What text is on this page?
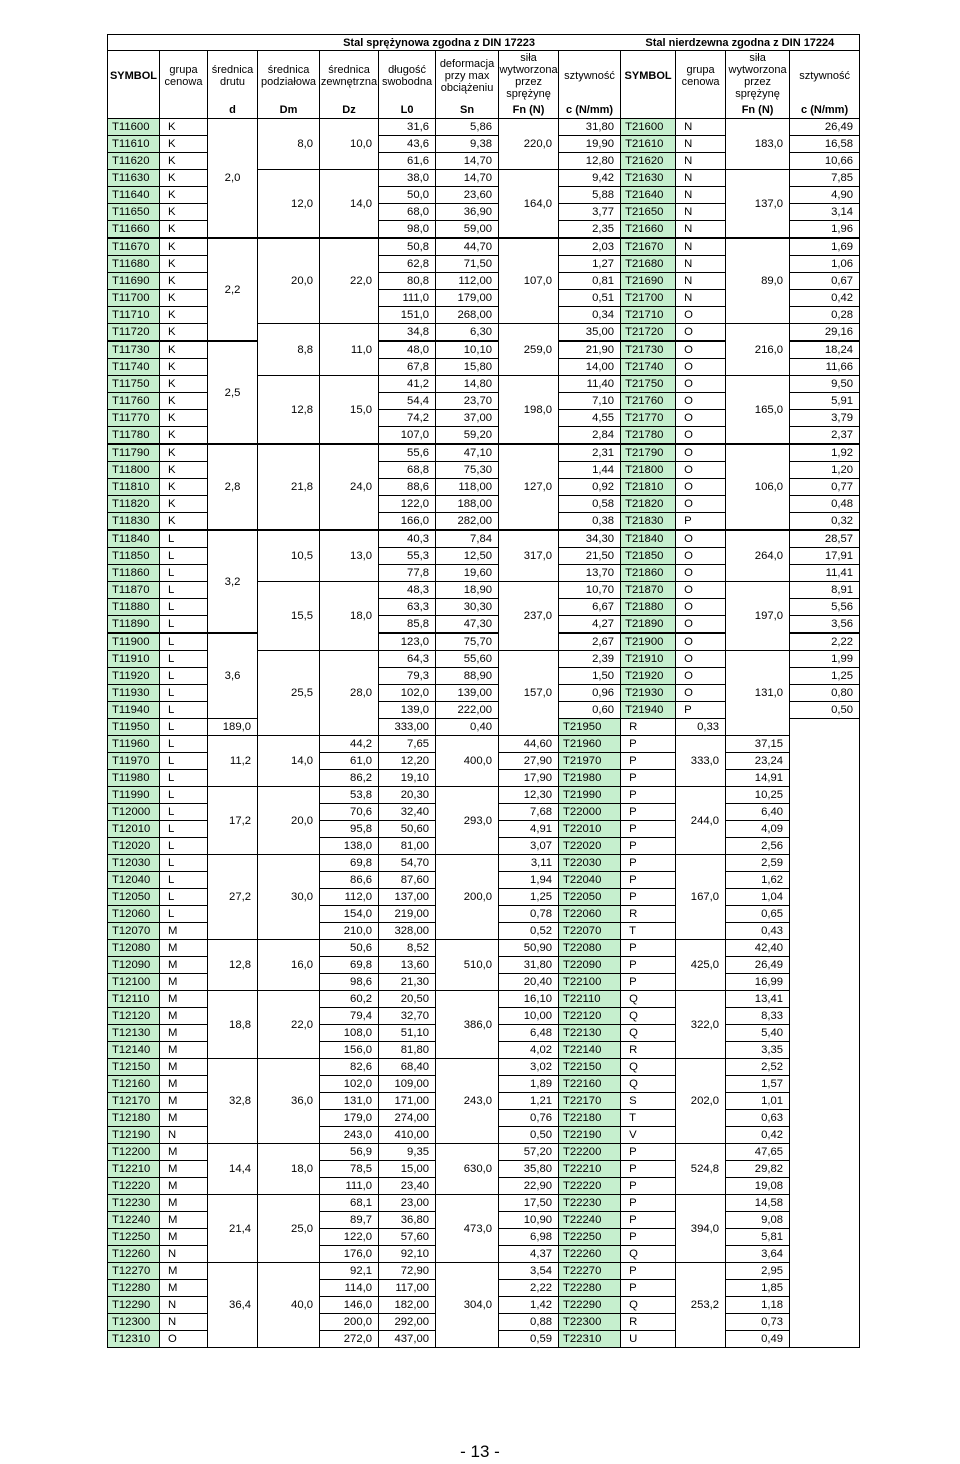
			Stal sprężynowa zgodna z DIN 17223						Stal nierdzewna zgodna z DIN 17224			
SYMBOL	grupa cenowa	średnica drutu	średnica podziałowa	średnica zewnętrzna	długość swobodna	deformacja przy max obciążeniu	siła wytworzona przez sprężynę	sztywność	SYMBOL	grupa cenowa	siła wytworzona przez sprężynę	sztywność
		d	Dm	Dz	L0	Sn	Fn (N)	c (N/mm)			Fn (N)	c (N/mm)
T11600	K	2,0	8,0	10,0	31,6	5,86	220,0	31,80	T21600	N	183,0	26,49
T11610	K				43,6	9,38		19,90	T21610	N		16,58
T11620	K				61,6	14,70		12,80	T21620	N		10,66
T11630	K		12,0	14,0	38,0	14,70	164,0	9,42	T21630	N	137,0	7,85
T11640	K				50,0	23,60		5,88	T21640	N		4,90
T11650	K				68,0	36,90		3,77	T21650	N		3,14
T11660	K				98,0	59,00		2,35	T21660	N		1,96
T11670	K	2,2	20,0	22,0	50,8	44,70	107,0	2,03	T21670	N	89,0	1,69
T11680	K				62,8	71,50		1,27	T21680	N		1,06
T11690	K				80,8	112,00		0,81	T21690	N		0,67
T11700	K				111,0	179,00		0,51	T21700	N		0,42
T11710	K				151,0	268,00		0,34	T21710	O		0,28
T11720	K		8,8	11,0	34,8	6,30	259,0	35,00	T21720	O	216,0	29,16
T11730	K	2,5			48,0	10,10		21,90	T21730	O		18,24
T11740	K				67,8	15,80		14,00	T21740	O		11,66
T11750	K		12,8	15,0	41,2	14,80	198,0	11,40	T21750	O	165,0	9,50
T11760	K				54,4	23,70		7,10	T21760	O		5,91
T11770	K				74,2	37,00		4,55	T21770	O		3,79
T11780	K				107,0	59,20		2,84	T21780	O		2,37
T11790	K	2,8	21,8	24,0	55,6	47,10	127,0	2,31	T21790	O	106,0	1,92
T11800	K				68,8	75,30		1,44	T21800	O		1,20
T11810	K				88,6	118,00		0,92	T21810	O		0,77
T11820	K				122,0	188,00		0,58	T21820	O		0,48
T11830	K				166,0	282,00		0,38	T21830	P		0,32
T11840	L	3,2	10,5	13,0	40,3	7,84	317,0	34,30	T21840	O	264,0	28,57
T11850	L				55,3	12,50		21,50	T21850	O		17,91
T11860	L				77,8	19,60		13,70	T21860	O		11,41
T11870	L		15,5	18,0	48,3	18,90	237,0	10,70	T21870	O	197,0	8,91
T11880	L				63,3	30,30		6,67	T21880	O		5,56
T11890	L				85,8	47,30		4,27	T21890	O		3,56
T11900	L	3,6			123,0	75,70		2,67	T21900	O		2,22
T11910	L		25,5	28,0	64,3	55,60	157,0	2,39	T21910	O	131,0	1,99
T11920	L				79,3	88,90		1,50	T21920	O		1,25
T11930	L				102,0	139,00		0,96	T21930	O		0,80
T11940	L				139,0	222,00		0,60	T21940	P		0,50
T11950	L	189,0			333,00	0,40		T21950	R	0,33		
T11960	L	11,2	14,0	44,2	7,65	400,0	44,60	T21960	P	333,0	37,15	
T11970	L			61,0	12,20		27,90	T21970	P		23,24	
T11980	L			86,2	19,10		17,90	T21980	P		14,91	
T11990	L	17,2	20,0	53,8	20,30	293,0	12,30	T21990	P	244,0	10,25	
T12000	L			70,6	32,40		7,68	T22000	P		6,40	
T12010	L			95,8	50,60		4,91	T22010	P		4,09	
T12020	L			138,0	81,00		3,07	T22020	P		2,56	
T12030	L	27,2	30,0	69,8	54,70	200,0	3,11	T22030	P	167,0	2,59	
T12040	L			86,6	87,60		1,94	T22040	P		1,62	
T12050	L			112,0	137,00		1,25	T22050	P		1,04	
T12060	L			154,0	219,00		0,78	T22060	R		0,65	
T12070	M			210,0	328,00		0,52	T22070	T		0,43	
T12080	M	12,8	16,0	50,6	8,52	510,0	50,90	T22080	P	425,0	42,40	
T12090	M			69,8	13,60		31,80	T22090	P		26,49	
T12100	M			98,6	21,30		20,40	T22100	P		16,99	
T12110	M	18,8	22,0	60,2	20,50	386,0	16,10	T22110	Q	322,0	13,41	
T12120	M			79,4	32,70		10,00	T22120	Q		8,33	
T12130	M			108,0	51,10		6,48	T22130	Q		5,40	
T12140	M			156,0	81,80		4,02	T22140	R		3,35	
T12150	M	32,8	36,0	82,6	68,40	243,0	3,02	T22150	Q	202,0	2,52	
T12160	M			102,0	109,00		1,89	T22160	Q		1,57	
T12170	M			131,0	171,00		1,21	T22170	S		1,01	
T12180	M			179,0	274,00		0,76	T22180	T		0,63	
T12190	N			243,0	410,00		0,50	T22190	V		0,42	
T12200	M	14,4	18,0	56,9	9,35	630,0	57,20	T22200	P	524,8	47,65	
T12210	M			78,5	15,00		35,80	T22210	P		29,82	
T12220	M			111,0	23,40		22,90	T22220	P		19,08	
T12230	M	21,4	25,0	68,1	23,00	473,0	17,50	T22230	P	394,0	14,58	
T12240	M			89,7	36,80		10,90	T22240	P		9,08	
T12250	M			122,0	57,60		6,98	T22250	P		5,81	
T12260	N			176,0	92,10		4,37	T22260	Q		3,64	
T12270	M	36,4	40,0	92,1	72,90	304,0	3,54	T22270	P	253,2	2,95	
T12280	M			114,0	117,00		2,22	T22280	P		1,85	
T12290	N			146,0	182,00		1,42	T22290	Q		1,18	
T12300	N			200,0	292,00		0,88	T22300	R		0,73	
T12310	O			272,0	437,00		0,59	T22310	U		0,49	
- 13 -
